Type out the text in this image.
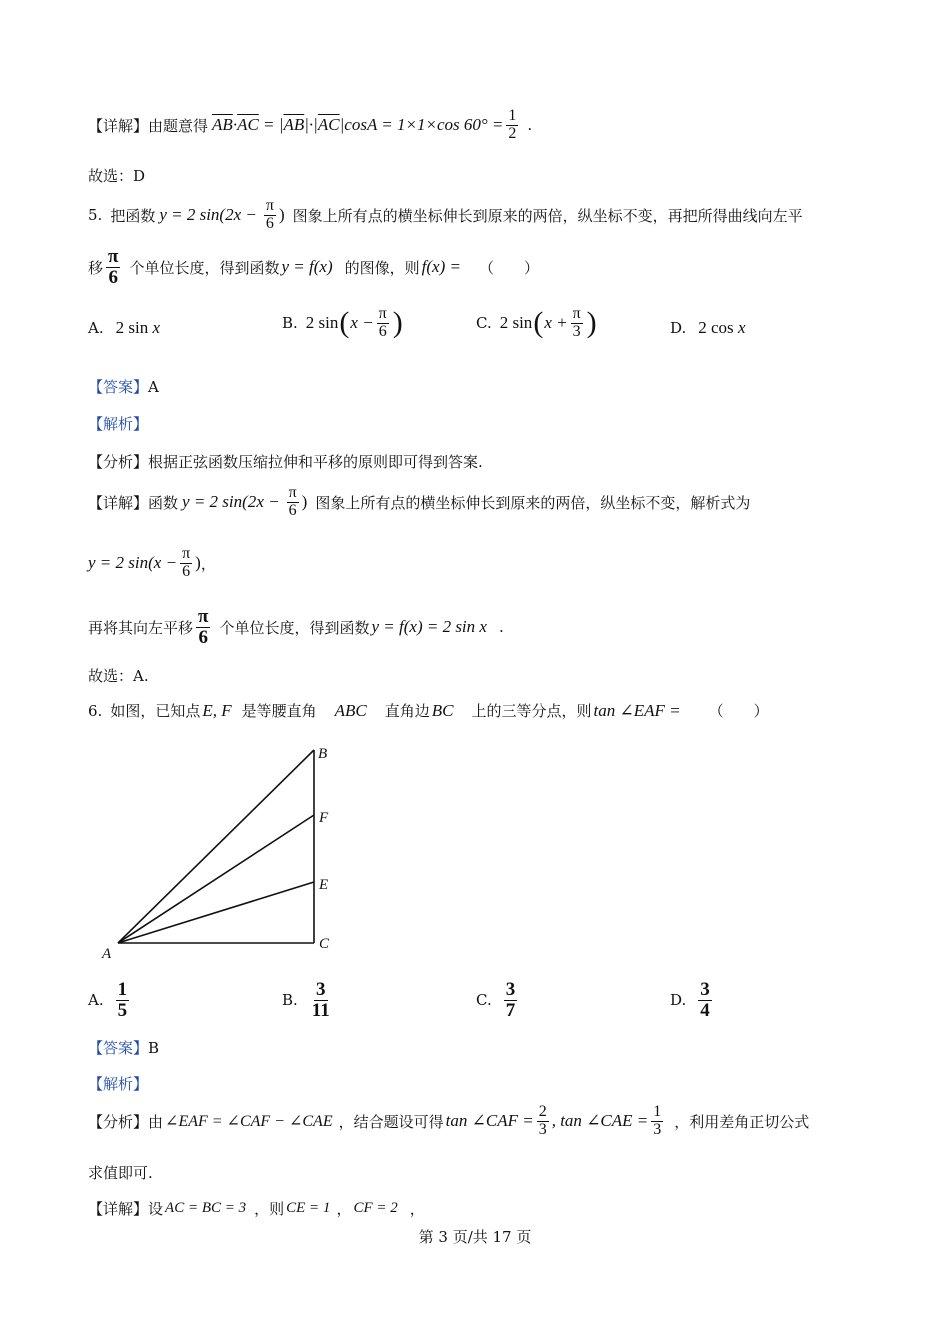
【详解】 由题意得 $\overline{AB}\cdot\overline{AC} = |\overline{AB}|\cdot|\overline{AC}|\cos A = 1\times 1\times\cos$ $60^\circ = \frac{1}{2}$ .
故选：D
5. 把函数 y = 2 $\sin(2x - \frac{\pi}{6}$ ) 图象上所有点的横坐标伸长到原来的两倍，纵坐标不变，再把所得曲线向左平
移 $\frac{\pi}{6}$ 个单位长度，得到函数 y = f(x) 的图像，则 f(x) = （　　）
A. 2 sin x	B. 2 sin ( $x - \frac{\pi}{6}$ )	C. 2 sin ( $x + \frac{\pi}{3}$ )	D. 2 cos x
【答案】 A
【解析】
【分析】 根据正弦函数压缩拉伸和平移的原则即可得到答案.
【详解】 函数 y = 2 $\sin(2x - \frac{\pi}{6}$ ) 图象上所有点的横坐标伸长到原来的两倍，纵坐标不变，解析式为
y = 2 $\sin(x - \frac{\pi}{6}$ ) ，
再将其向左平移 $\frac{\pi}{6}$ 个单位长度，得到函数 y = f(x) = 2 sin x .
故选：A.
6. 如图，已知点 E, F 是等腰直角 ABC 直角边 BC 上的三等分点，则 tan ∠EAF = （　　）
A
B
F
E
C
A. $\frac{1}{5}$	B. $\frac{3}{11}$	C. $\frac{3}{7}$	D. $\frac{3}{4}$
【答案】 B
【解析】
【分析】 由 ∠EAF = ∠CAF − ∠CAE ，结合题设可得 tan ∠CAF = $\frac{2}{3}$ , tan ∠CAE = $\frac{1}{3}$ ，利用差角正切公式
求值即可.
【详解】 设 AC = BC = 3 ，则 CE = 1 ， CF = 2 ，
第 3 页/共 17 页
